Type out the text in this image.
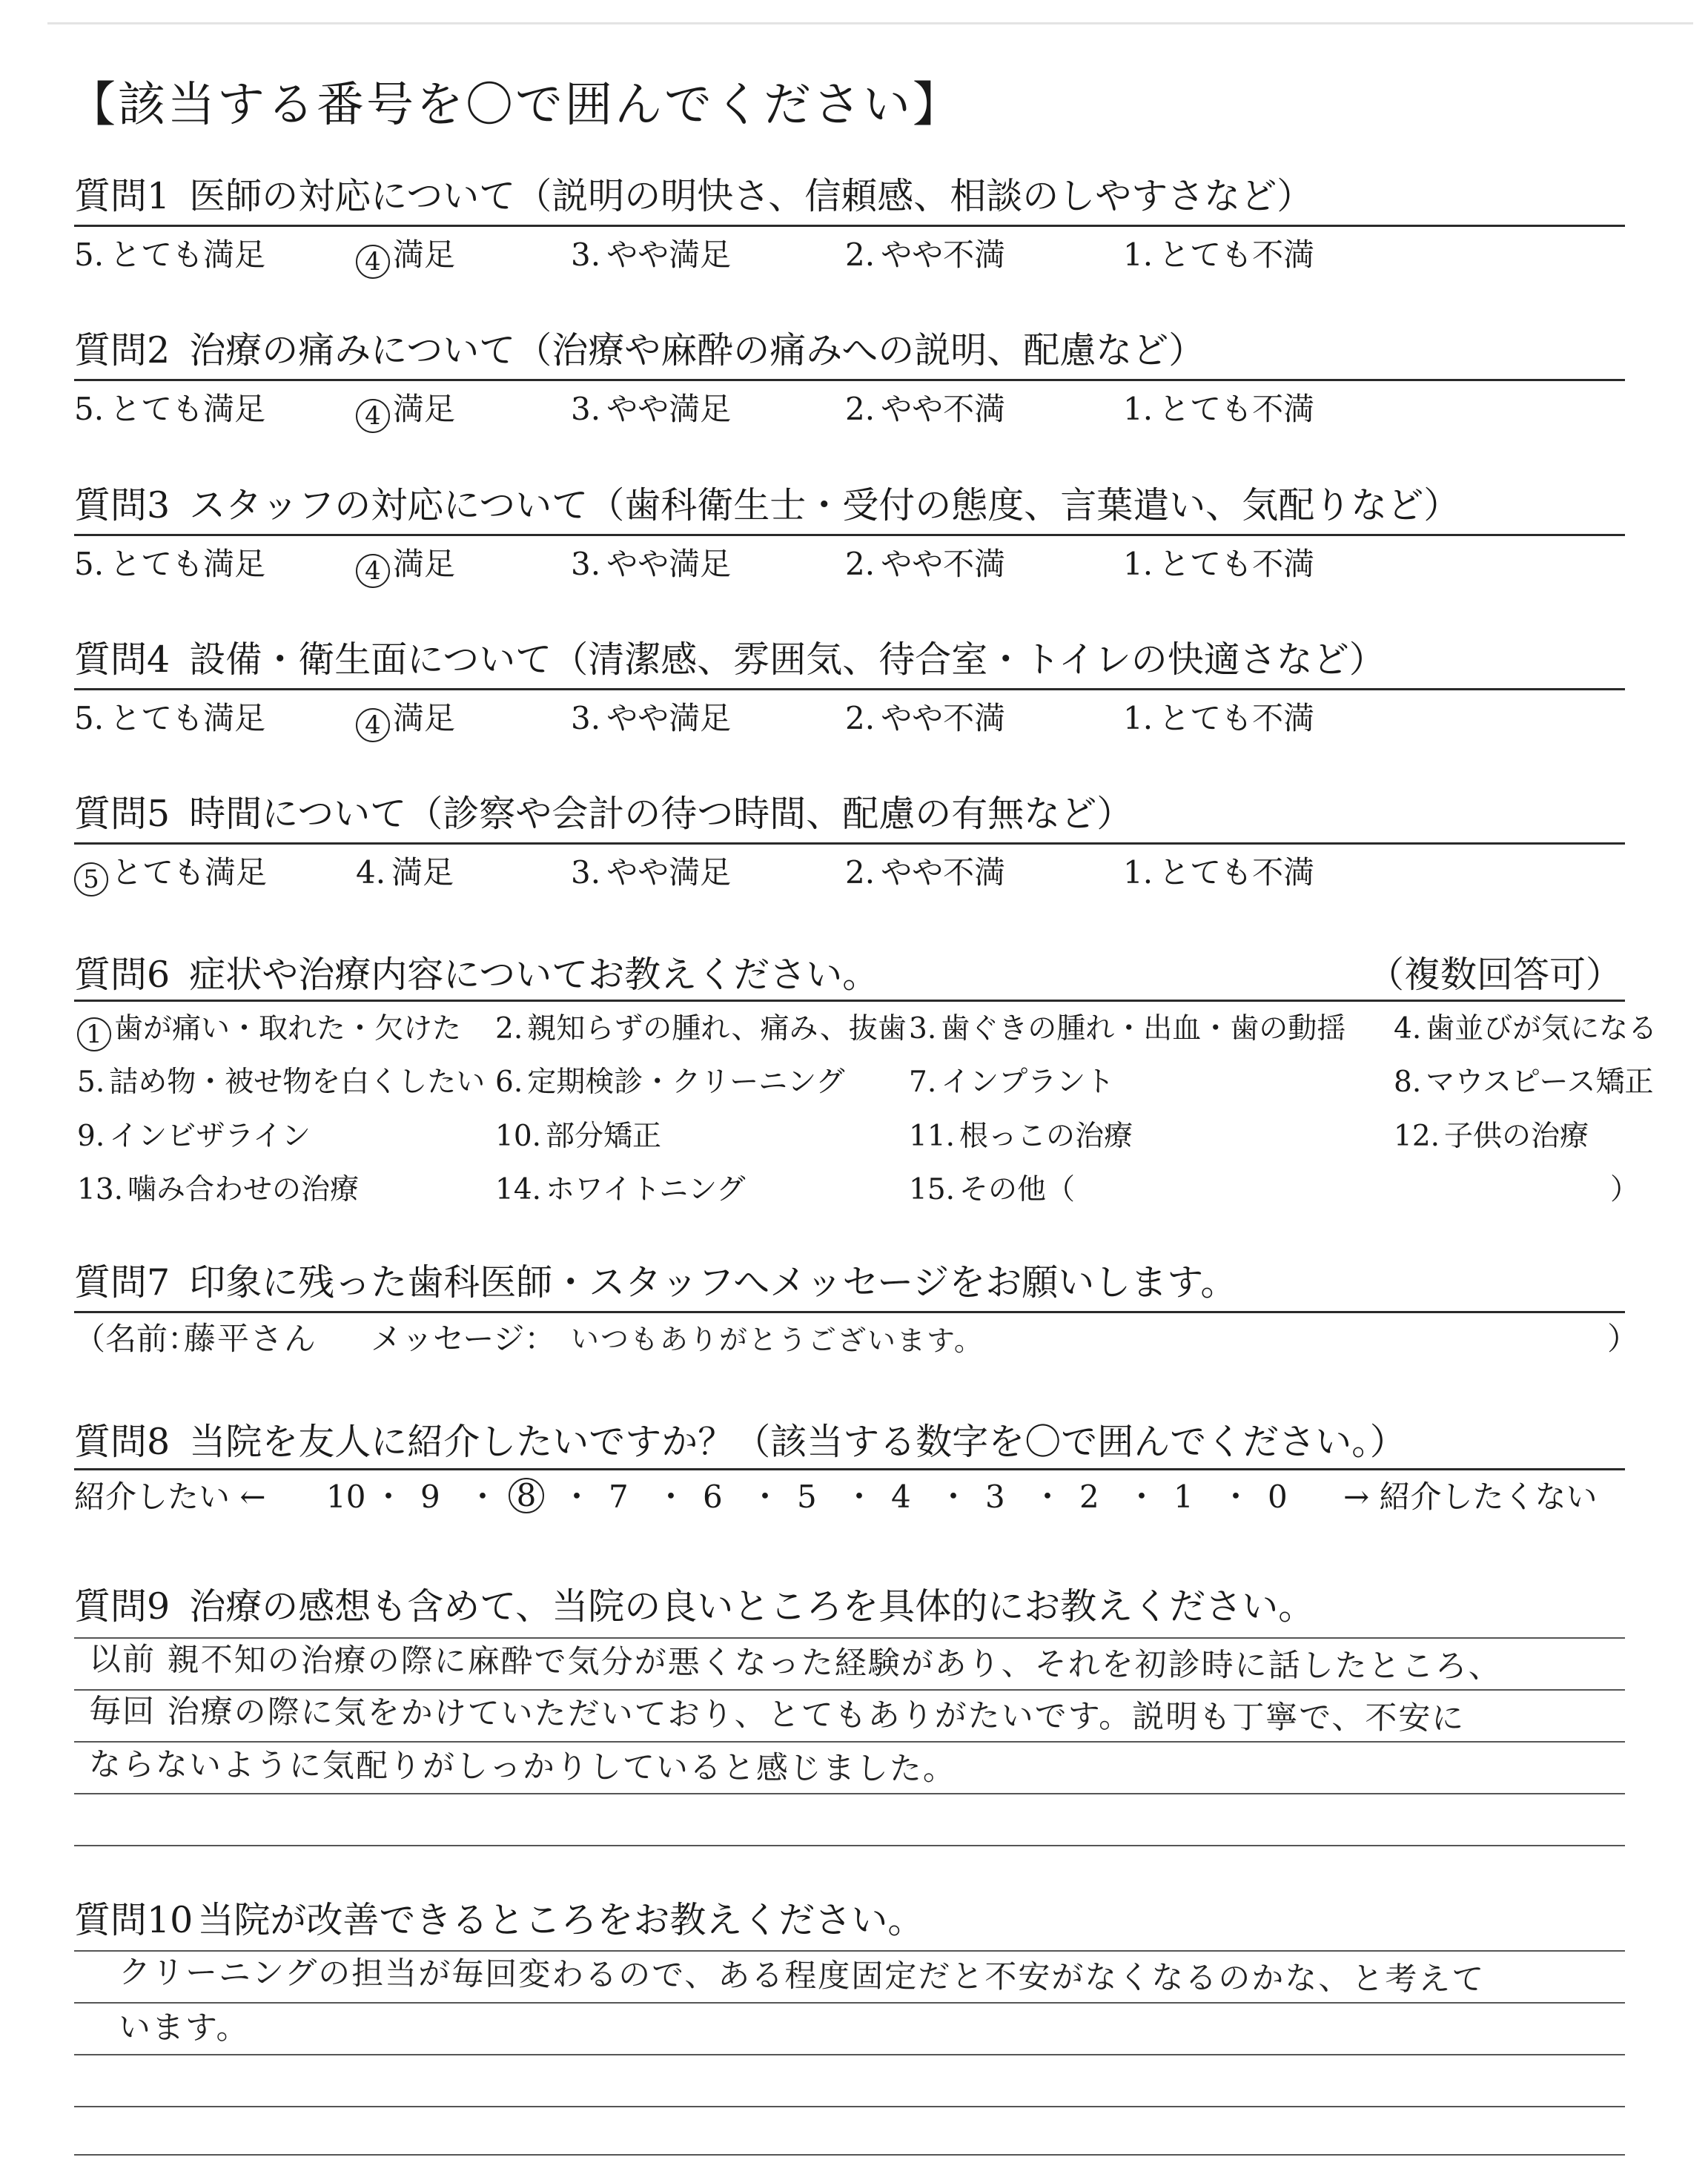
【該当する番号を〇で囲んでください】
質問1 医師の対応について（説明の明快さ、信頼感、相談のしやすさなど）
5. とても満足	4 満足	3. やや満足	2. やや不満	1. とても不満
質問2 治療の痛みについて（治療や麻酔の痛みへの説明、配慮など）
5. とても満足	4 満足	3. やや満足	2. やや不満	1. とても不満
質問3 スタッフの対応について（歯科衛生士・受付の態度、言葉遣い、気配りなど）
5. とても満足	4 満足	3. やや満足	2. やや不満	1. とても不満
質問4 設備・衛生面について（清潔感、雰囲気、待合室・トイレの快適さなど）
5. とても満足	4 満足	3. やや満足	2. やや不満	1. とても不満
質問5 時間について（診察や会計の待つ時間、配慮の有無など）
5 とても満足	4. 満足	3. やや満足	2. やや不満	1. とても不満
質問6 症状や治療内容についてお教えください。	（複数回答可）
1 歯が痛い・取れた・欠けた 2. 親知らずの腫れ、痛み、抜歯 3. 歯ぐきの腫れ・出血・歯の動揺 4. 歯並びが気になる
5. 詰め物・被せ物を白くしたい 6. 定期検診・クリーニング 7. インプラント	8. マウスピース矯正
9. インビザライン	10. 部分矯正	11. 根っこの治療	12. 子供の治療
13. 噛み合わせの治療	14. ホワイトニング	15. その他（	）
質問7 印象に残った歯科医師・スタッフへメッセージをお願いします。
（名前：
藤平さん メッセージ： いつもありがとうございます。	）
質問8 当院を友人に紹介したいですか？（該当する数字を〇で囲んでください。）
紹介したい ← 10 ・ 9 ・ 8 ・ 7 ・ 6 ・ 5 ・ 4 ・ 3 ・ 2 ・ 1 ・ 0 → 紹介したくない
質問9 治療の感想も含めて、当院の良いところを具体的にお教えください。
以前 親不知の治療の際に麻酔で気分が悪くなった経験があり、それを初診時に話したところ、
毎回 治療の際に気をかけていただいており、とてもありがたいです。説明も丁寧で、不安に
ならないように気配りがしっかりしていると感じました。
質問10 当院が改善できるところをお教えください。
クリーニングの担当が毎回変わるので、ある程度固定だと不安がなくなるのかな、と考えて
います。
